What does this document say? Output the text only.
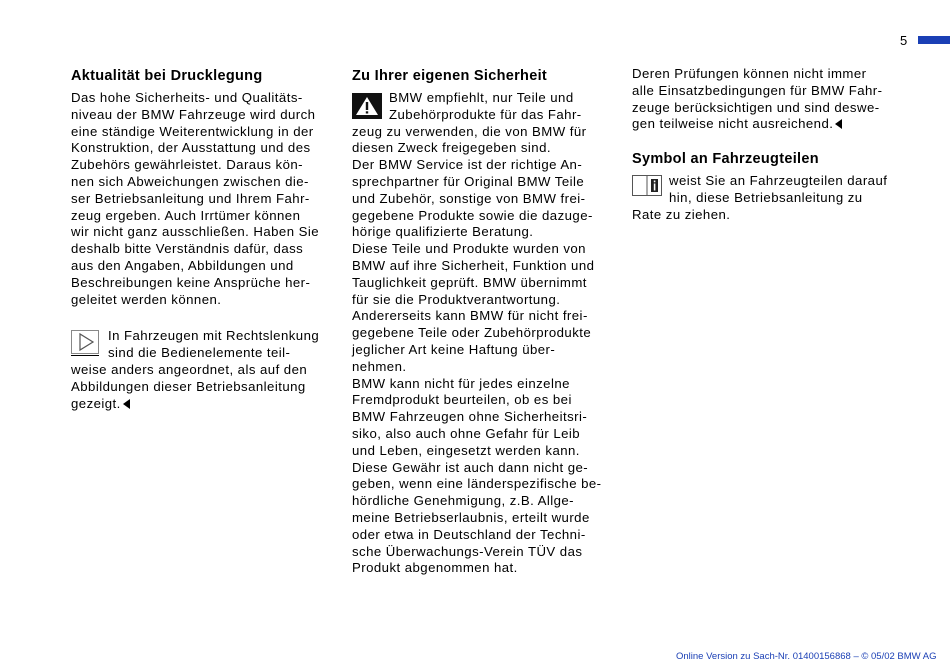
5
Aktualität bei Drucklegung

Das hohe Sicherheits- und Qualitäts-
niveau der BMW Fahrzeuge wird durch
eine ständige Weiterentwicklung in der
Konstruktion, der Ausstattung und des
Zubehörs gewährleistet. Daraus kön-
nen sich Abweichungen zwischen die-
ser Betriebsanleitung und Ihrem Fahr-
zeug ergeben. Auch Irrtümer können
wir nicht ganz ausschließen. Haben Sie
deshalb bitte Verständnis dafür, dass
aus den Angaben, Abbildungen und
Beschreibungen keine Ansprüche her-
geleitet werden können.

In Fahrzeugen mit Rechtslenkung
sind die Bedienelemente teil-

weise anders angeordnet, als auf den
Abbildungen dieser Betriebsanleitung
gezeigt.

Zu Ihrer eigenen Sicherheit

BMW empfiehlt, nur Teile und
Zubehörprodukte für das Fahr-

zeug zu verwenden, die von BMW für
diesen Zweck freigegeben sind.
Der BMW Service ist der richtige An-
sprechpartner für Original BMW Teile
und Zubehör, sonstige von BMW frei-
gegebene Produkte sowie die dazuge-
hörige qualifizierte Beratung.
Diese Teile und Produkte wurden von
BMW auf ihre Sicherheit, Funktion und
Tauglichkeit geprüft. BMW übernimmt
für sie die Produktverantwortung.
Andererseits kann BMW für nicht frei-
gegebene Teile oder Zubehörprodukte
jeglicher Art keine Haftung über-
nehmen.
BMW kann nicht für jedes einzelne
Fremdprodukt beurteilen, ob es bei
BMW Fahrzeugen ohne Sicherheitsri-
siko, also auch ohne Gefahr für Leib
und Leben, eingesetzt werden kann.
Diese Gewähr ist auch dann nicht ge-
geben, wenn eine länderspezifische be-
hördliche Genehmigung, z.B. Allge-
meine Betriebserlaubnis, erteilt wurde
oder etwa in Deutschland der Techni-
sche Überwachungs-Verein TÜV das
Produkt abgenommen hat.

Deren Prüfungen können nicht immer
alle Einsatzbedingungen für BMW Fahr-
zeuge berücksichtigen und sind deswe-
gen teilweise nicht ausreichend.

Symbol an Fahrzeugteilen

weist Sie an Fahrzeugteilen darauf
hin, diese Betriebsanleitung zu

Rate zu ziehen.

Online Version zu Sach-Nr. 01400156868 – © 05/02 BMW AG
